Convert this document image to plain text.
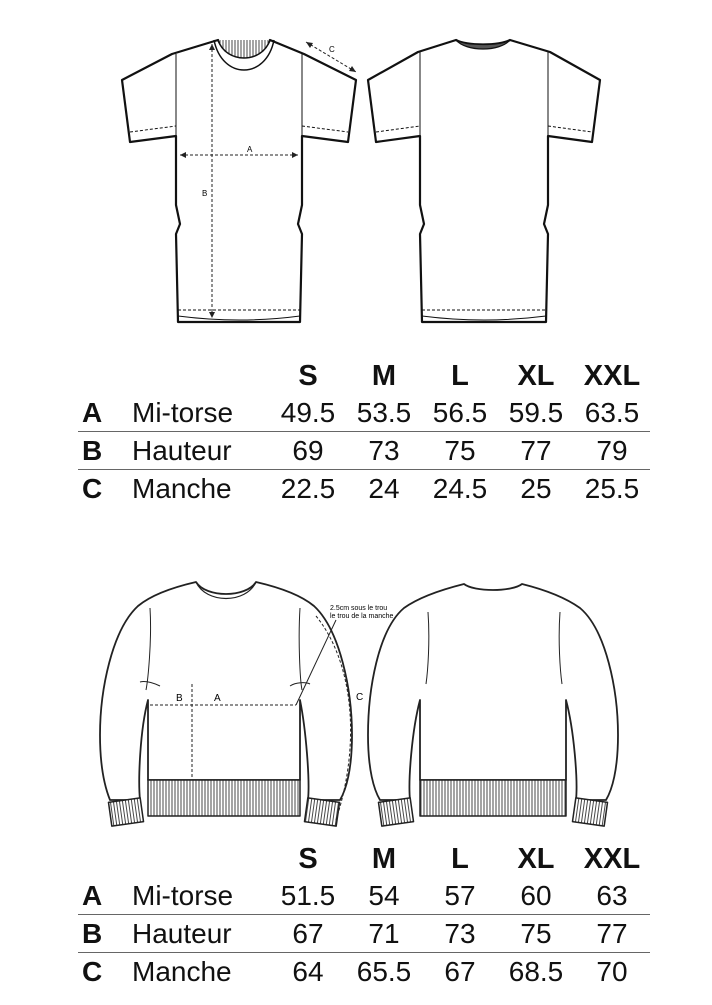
A
B
C
		S	M	L	XL	XXL
A	Mi-torse	49.5	53.5	56.5	59.5	63.5
B	Hauteur	69	73	75	77	79
C	Manche	22.5	24	24.5	25	25.5
A
B	C
2.5cm sous le trou
le trou de la manche
		S	M	L	XL	XXL
A	Mi-torse	51.5	54	57	60	63
B	Hauteur	67	71	73	75	77
C	Manche	64	65.5	67	68.5	70
